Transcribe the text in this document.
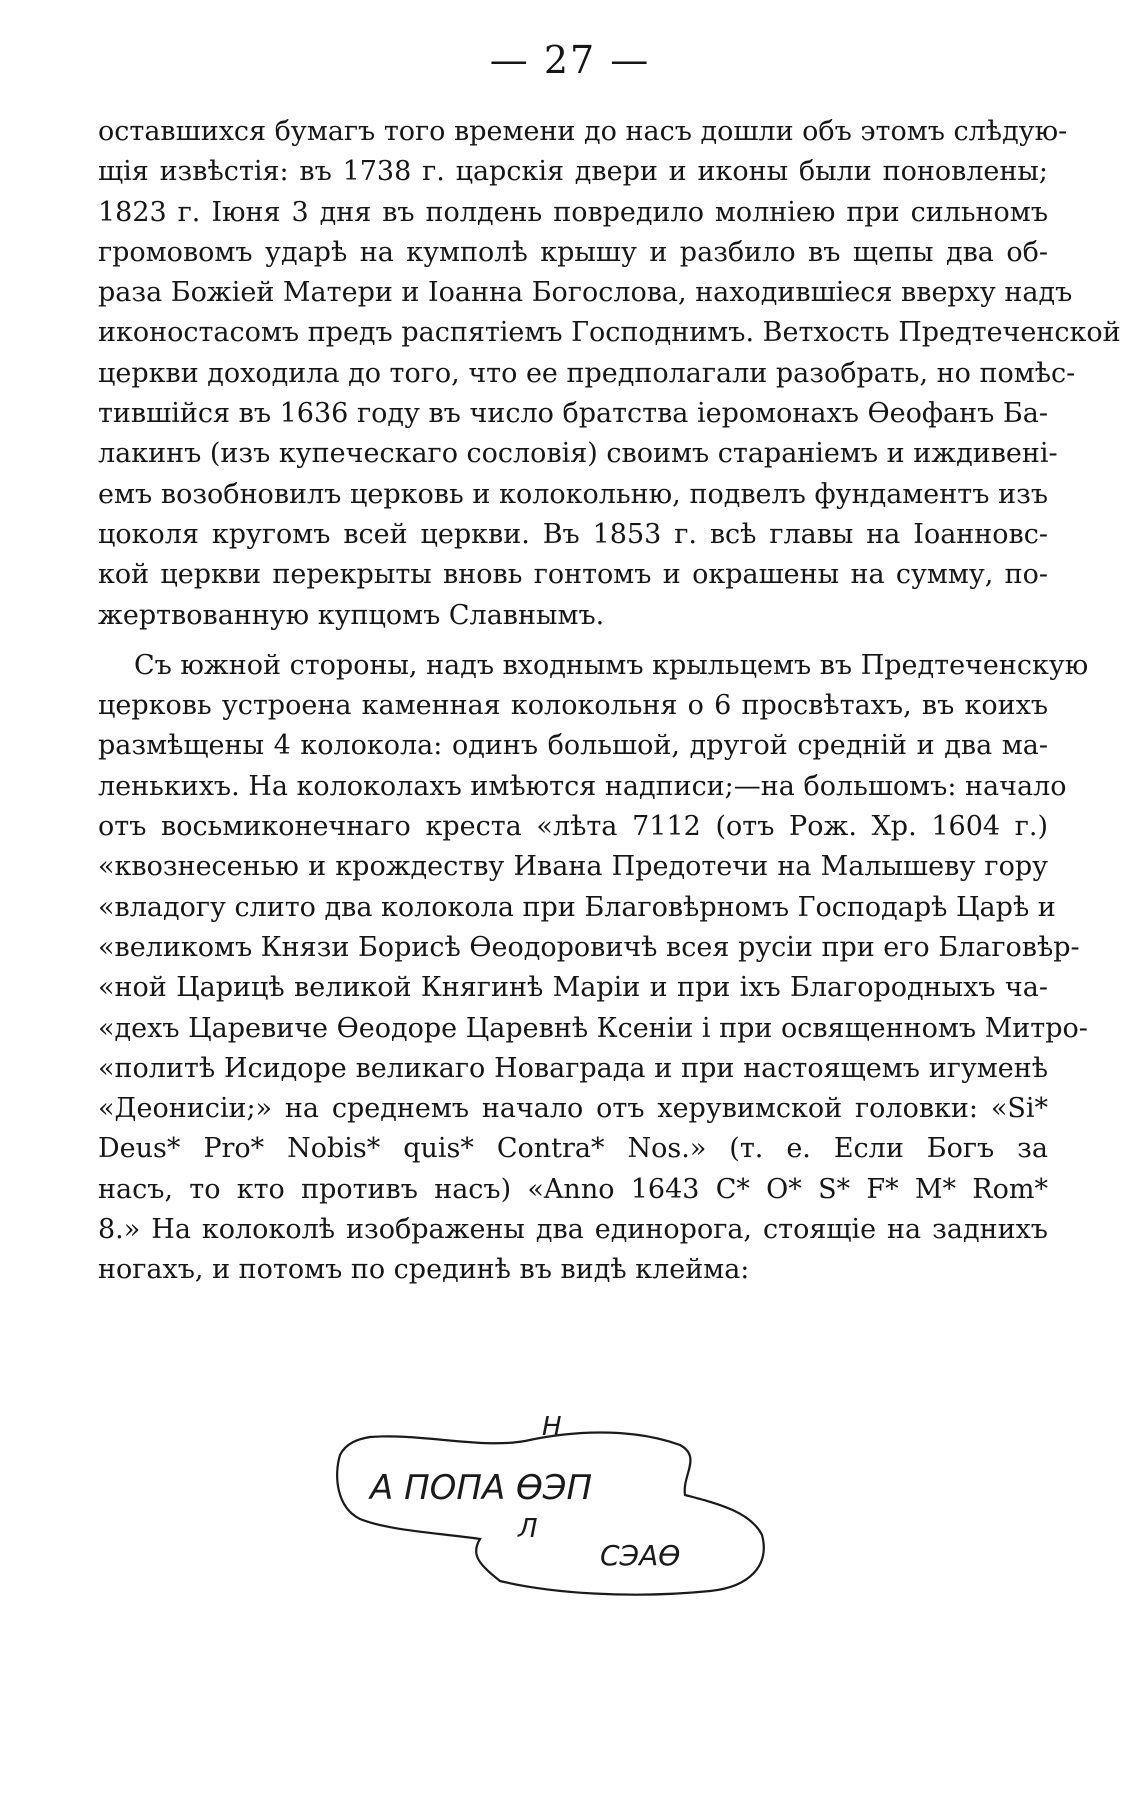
— 27 —
оставшихся бумагъ того времени до насъ дошли объ этомъ слѣдую-
щія извѣстія: въ 1738 г. царскія двери и иконы были поновлены;
1823 г. Іюня 3 дня въ полдень повредило молніею при сильномъ
громовомъ ударѣ на кумполѣ крышу и разбило въ щепы два об-
раза Божіей Матери и Іоанна Богослова, находившіеся вверху надъ
иконостасомъ предъ распятіемъ Господнимъ. Ветхость Предтеченской
церкви доходила до того, что ее предполагали разобрать, но помѣс-
тившійся въ 1636 году въ число братства іеромонахъ Ѳеофанъ Ба-
лакинъ (изъ купеческаго сословія) своимъ стараніемъ и иждивені-
емъ возобновилъ церковь и колокольню, подвелъ фундаментъ изъ
цоколя кругомъ всей церкви. Въ 1853 г. всѣ главы на Іоанновс-
кой церкви перекрыты вновь гонтомъ и окрашены на сумму, по-
жертвованную купцомъ Славнымъ.
Съ южной стороны, надъ входнымъ крыльцемъ въ Предтеченскую
церковь устроена каменная колокольня о 6 просвѣтахъ, въ коихъ
размѣщены 4 колокола: одинъ большой, другой средній и два ма-
ленькихъ. На колоколахъ имѣются надписи;—на большомъ: начало
отъ восьмиконечнаго креста «лѣта 7112 (отъ Рож. Хр. 1604 г.)
«квознесенью и крождеству Ивана Предотечи на Малышеву гору
«владогу слито два колокола при Благовѣрномъ Господарѣ Царѣ и
«великомъ Князи Борисѣ Ѳеодоровичѣ всея русіи при его Благовѣр-
«ной Царицѣ великой Княгинѣ Маріи и при іхъ Благородныхъ ча-
«дехъ Царевиче Ѳеодоре Царевнѣ Ксеніи і при освященномъ Митро-
«политѣ Исидоре великаго Новаграда и при настоящемъ игуменѣ
«Деонисіи;» на среднемъ начало отъ херувимской головки: «Si*
Deus* Pro* Nobis* quis* Contra* Nos.» (т. е. Если Богъ за
насъ, то кто противъ насъ) «Anno 1643 C* O* S* F* M* Rom*
8.» На колоколѣ изображены два единорога, стоящіе на заднихъ
ногахъ, и потомъ по срединѣ въ видѣ клейма:
Н
А ПОПА ѲЭП
Л
СЭАѲ
